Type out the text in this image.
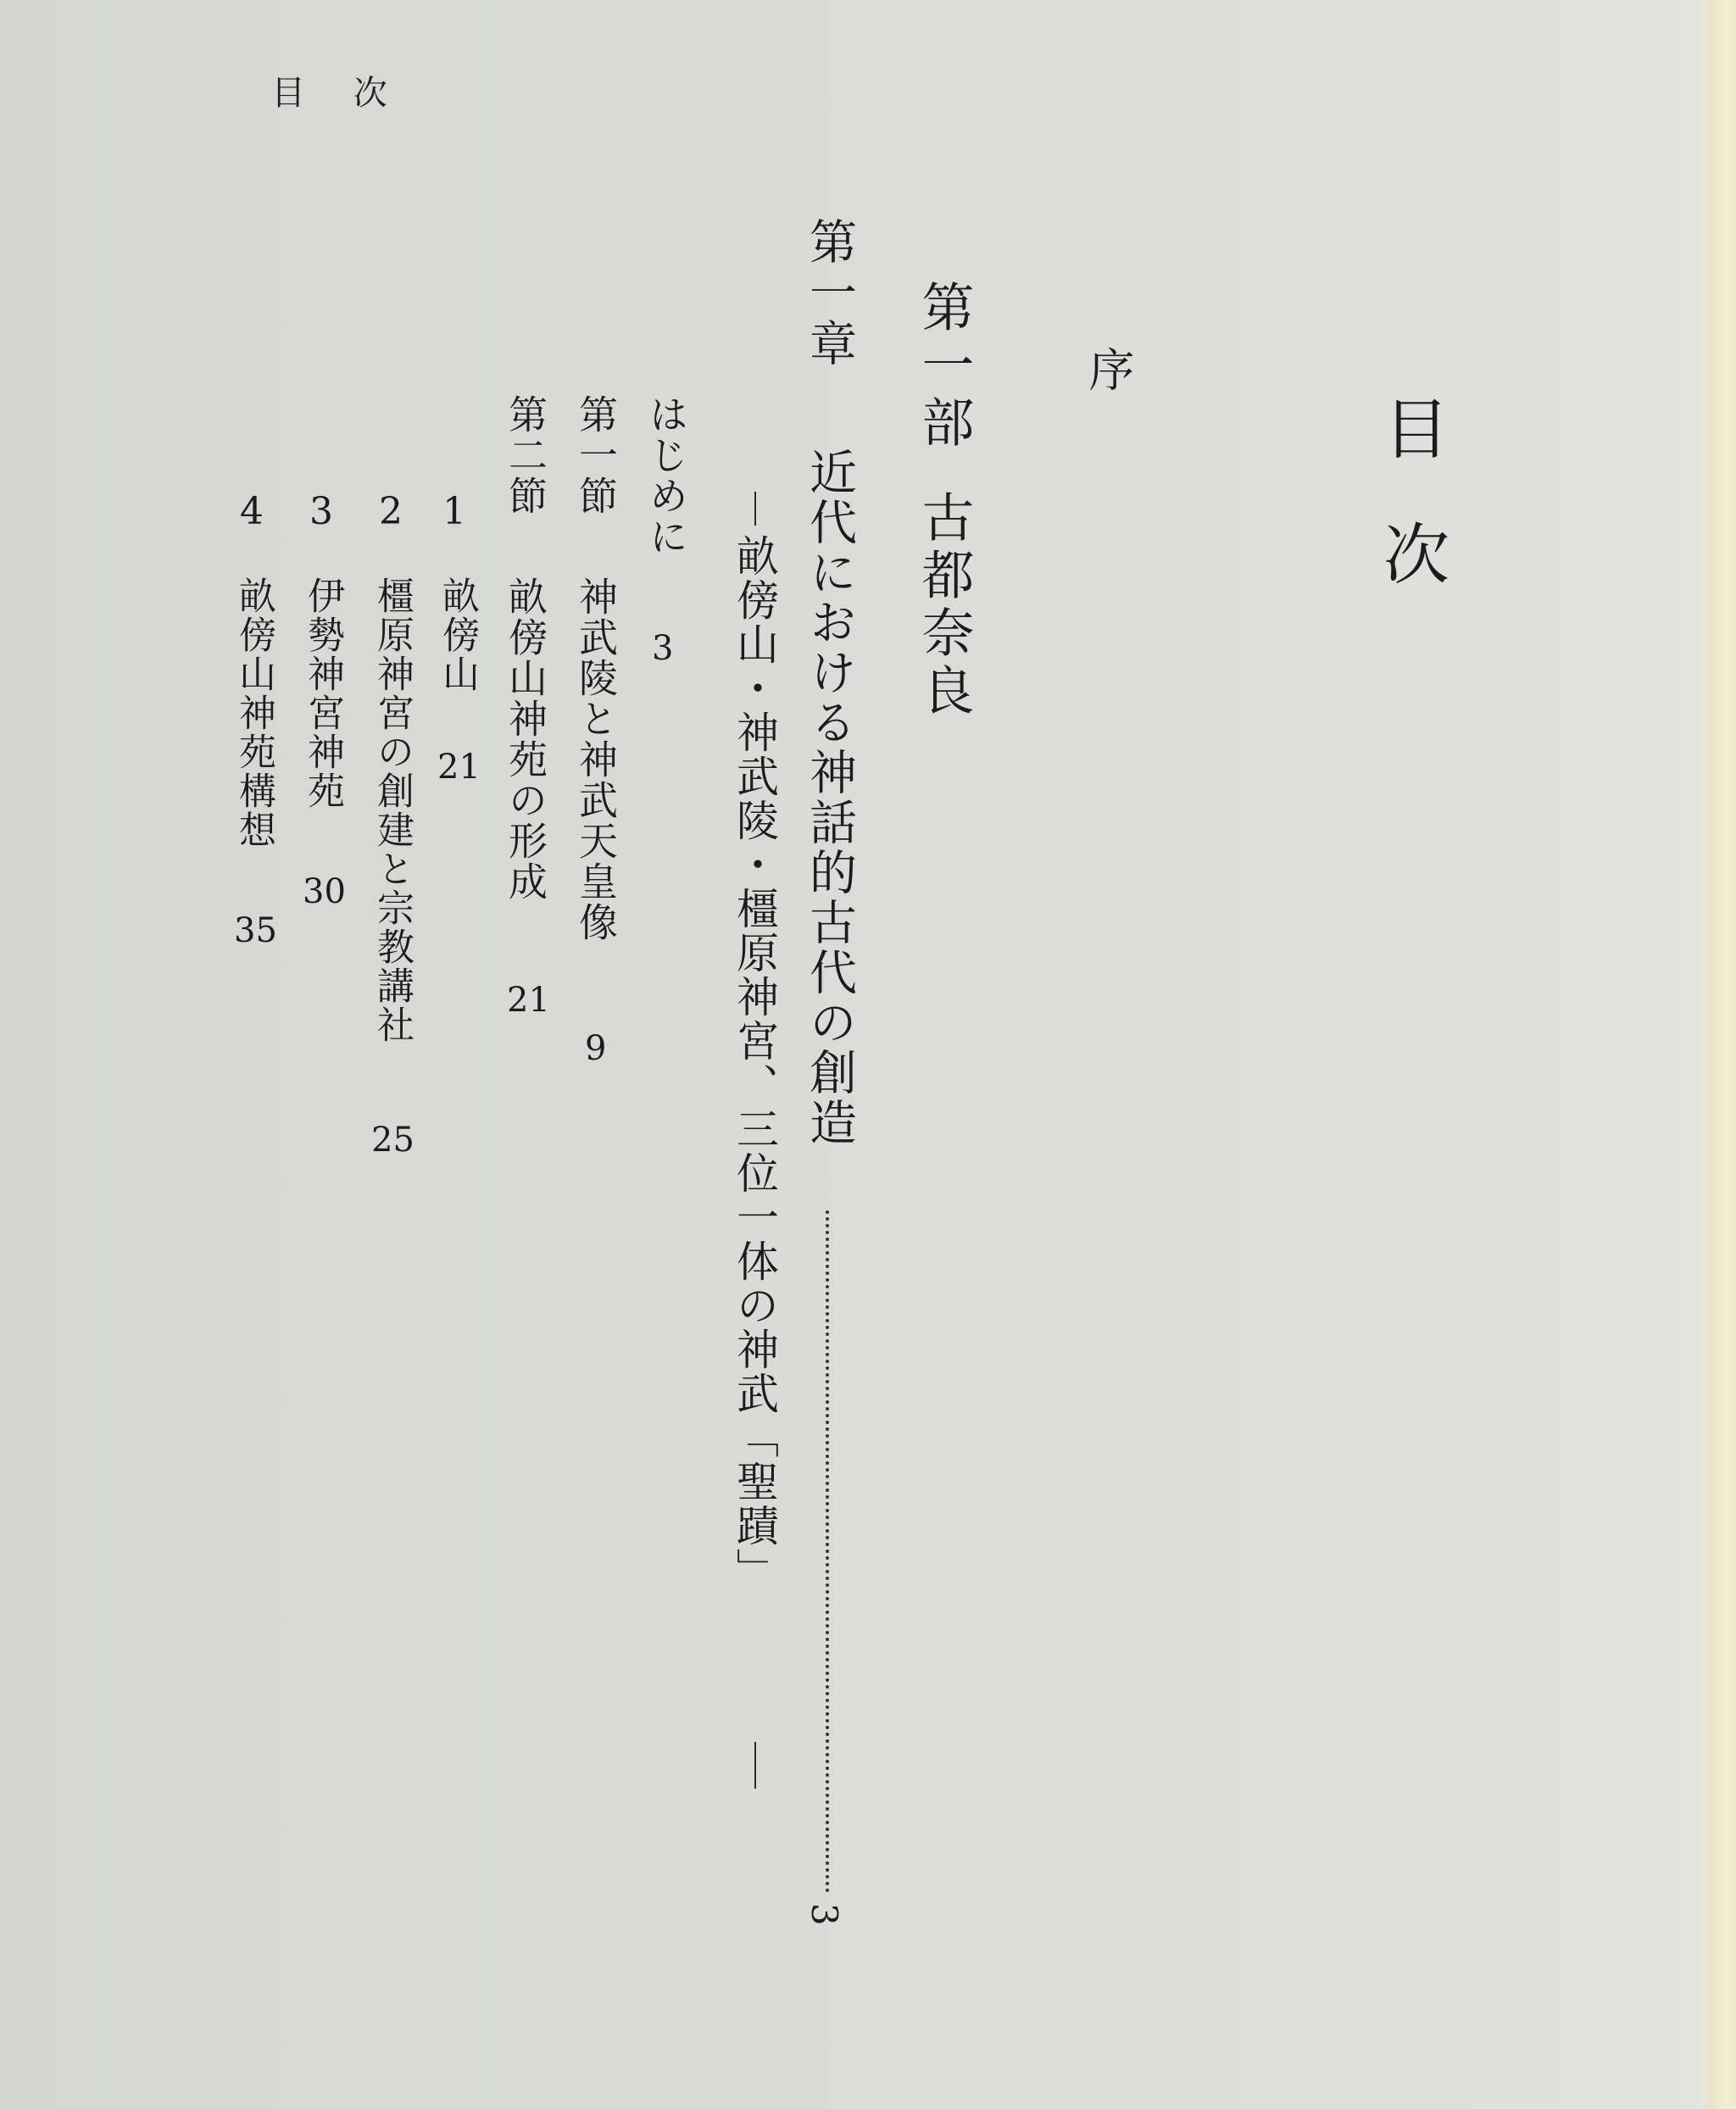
目 次
目次
序
第一部古都奈良
第一章
近代における神話的古代の創造
畝傍山・神武陵・橿原神宮、三位一体の神武「聖蹟」
3
はじめに
3
第一節
神武陵と神武天皇像
9
第二節
畝傍山神苑の形成
21
1
畝傍山
21
2
橿原神宮の創建と宗教講社
25
3
伊勢神宮神苑
30
4
畝傍山神苑構想
35
